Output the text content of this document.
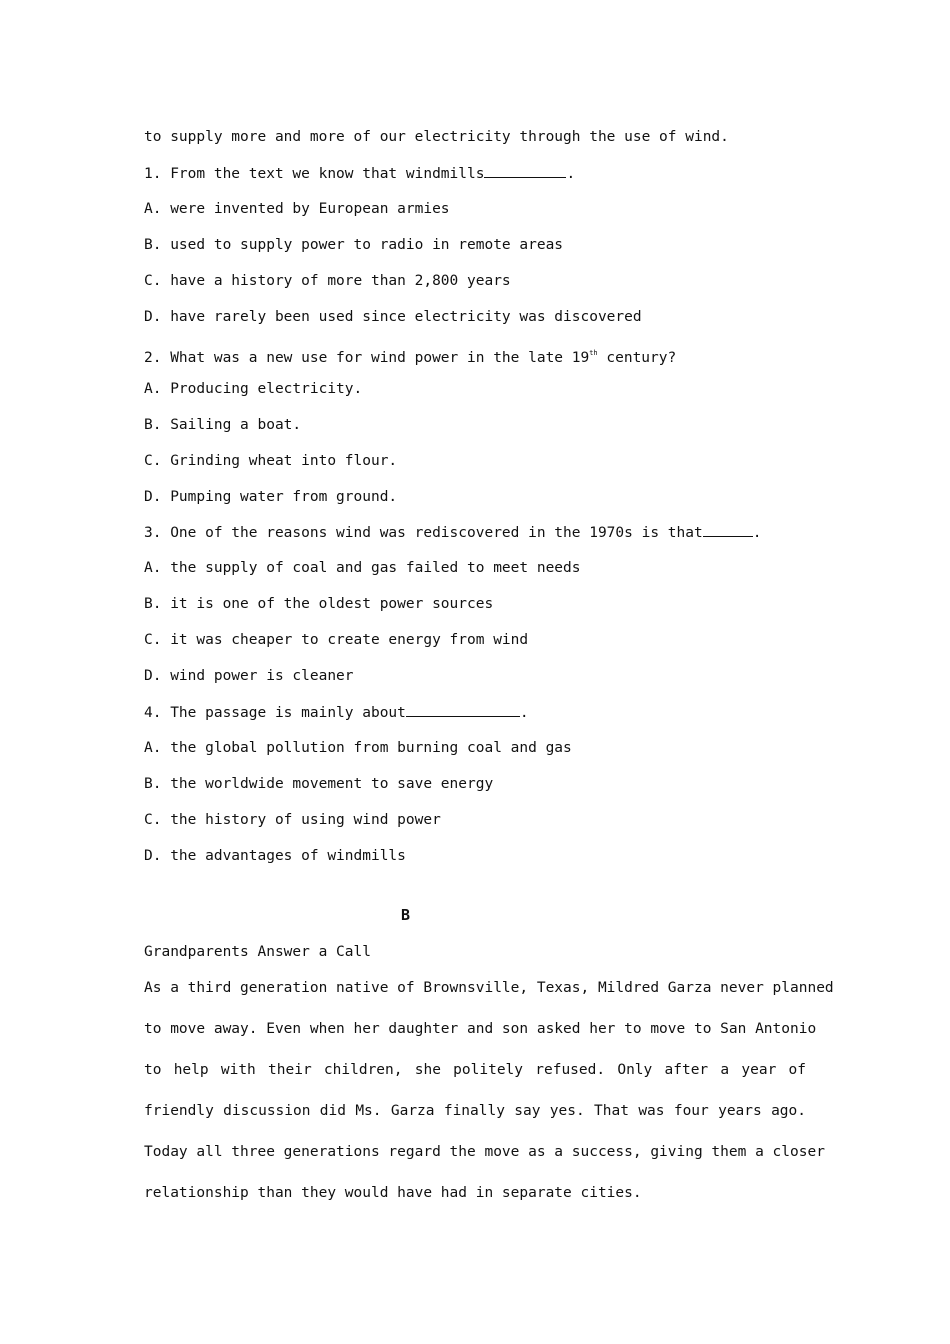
to supply more and more of our electricity through the use of wind.
1. From the text we know that windmills	.
A. were invented by European armies
B. used to supply power to radio in remote areas
C. have a history of more than 2,800 years
D. have rarely been used since electricity was discovered
2. What was a new use for wind power in the late 19th century?
A. Producing electricity.
B. Sailing a boat.
C. Grinding wheat into flour.
D. Pumping water from ground.
3. One of the reasons wind was rediscovered in the 1970s is that	.
A. the supply of coal and gas failed to meet needs
B. it is one of the oldest power sources
C. it was cheaper to create energy from wind
D. wind power is cleaner
4. The passage is mainly about	.
A. the global pollution from burning coal and gas
B. the worldwide movement to save energy
C. the history of using wind power
D. the advantages of windmills
B
Grandparents Answer a Call
As a third generation native of Brownsville, Texas, Mildred Garza never planned
to move away. Even when her daughter and son asked her to move to San Antonio
to help with their children, she politely refused. Only after a year of
friendly discussion did Ms. Garza finally say yes. That was four years ago.
Today all three generations regard the move as a success, giving them a closer
relationship than they would have had in separate cities.
